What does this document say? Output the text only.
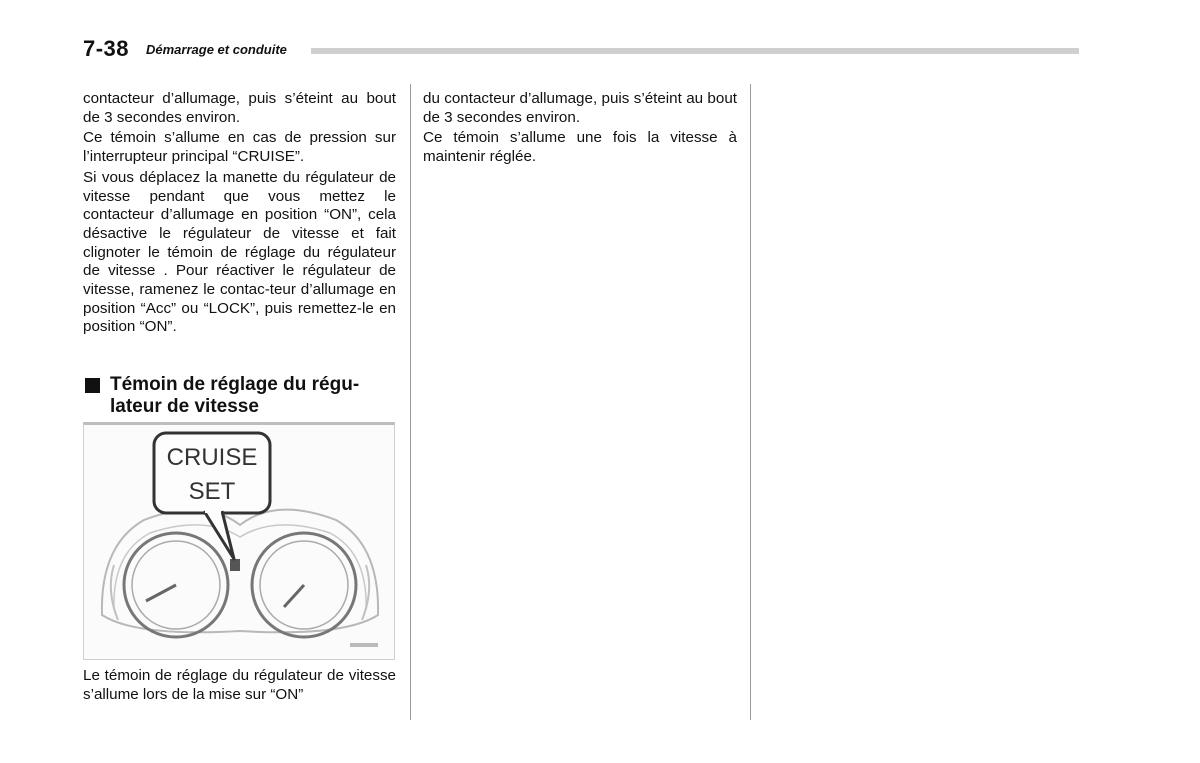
7-38 Démarrage et conduite

contacteur d’allumage, puis s’éteint au bout de 3 secondes environ.

Ce témoin s’allume en cas de pression sur l’interrupteur principal “CRUISE”.

Si vous déplacez la manette du régulateur de vitesse pendant que vous mettez le contacteur d’allumage en position “ON”, cela désactive le régulateur de vitesse et fait clignoter le témoin de réglage du régulateur de vitesse . Pour réactiver le régulateur de vitesse, ramenez le contac-teur d’allumage en position “Acc” ou “LOCK”, puis remettez-le en position “ON”.

Témoin de réglage du régu-
lateur de vitesse
CRUISE
SET

Le témoin de réglage du régulateur de vitesse s’allume lors de la mise sur “ON”

du contacteur d’allumage, puis s’éteint au bout de 3 secondes environ.

Ce témoin s’allume une fois la vitesse à maintenir réglée.
